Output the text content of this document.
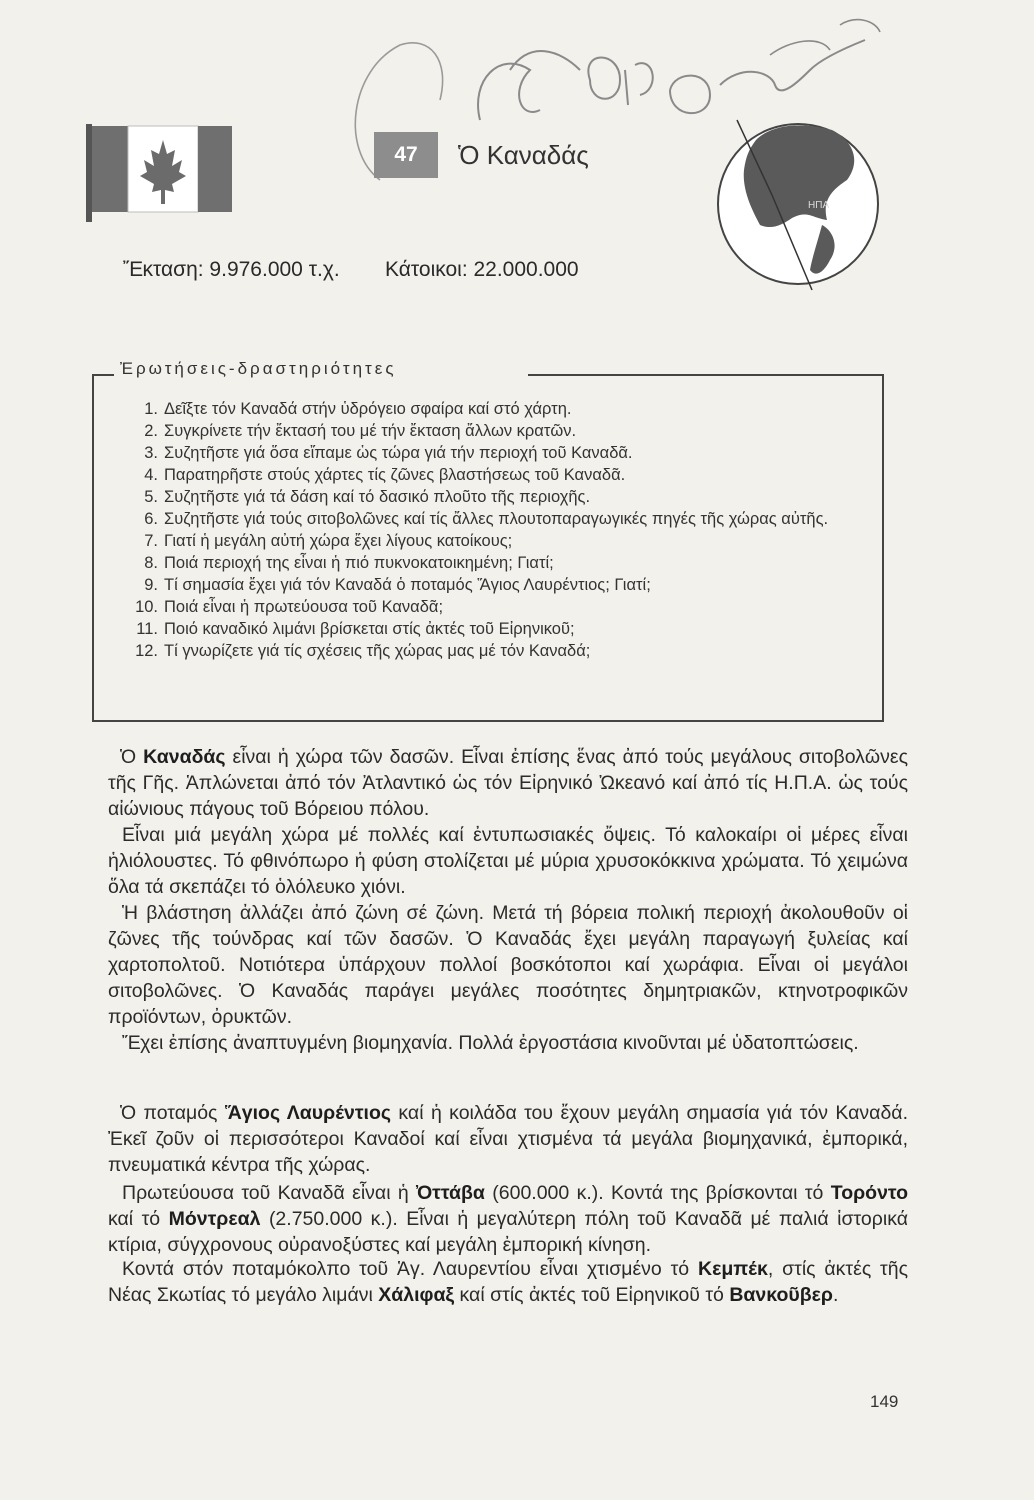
47	Ὁ Καναδάς
ΗΠΑ
Ἔκταση: 9.976.000 τ.χ. Κάτοικοι: 22.000.000
Ἐρωτήσεις-δραστηριότητες
1. Δεῖξτε τόν Καναδά στήν ὑδρόγειο σφαίρα καί στό χάρτη.
2. Συγκρίνετε τήν ἔκτασή του μέ τήν ἔκταση ἄλλων κρατῶν.
3. Συζητῆστε γιά ὅσα εἴπαμε ὡς τώρα γιά τήν περιοχή τοῦ Καναδᾶ.
4. Παρατηρῆστε στούς χάρτες τίς ζῶνες βλαστήσεως τοῦ Καναδᾶ.
5. Συζητῆστε γιά τά δάση καί τό δασικό πλοῦτο τῆς περιοχῆς.
6. Συζητῆστε γιά τούς σιτοβολῶνες καί τίς ἄλλες πλουτοπαραγωγικές πηγές τῆς χώρας αὐτῆς.
7. Γιατί ἡ μεγάλη αὐτή χώρα ἔχει λίγους κατοίκους;
8. Ποιά περιοχή της εἶναι ἡ πιό πυκνοκατοικημένη; Γιατί;
9. Τί σημασία ἔχει γιά τόν Καναδά ὁ ποταμός Ἅγιος Λαυρέντιος; Γιατί;
10. Ποιά εἶναι ἡ πρωτεύουσα τοῦ Καναδᾶ;
11. Ποιό καναδικό λιμάνι βρίσκεται στίς ἀκτές τοῦ Εἰρηνικοῦ;
12. Τί γνωρίζετε γιά τίς σχέσεις τῆς χώρας μας μέ τόν Καναδά;

Ὁ Καναδάς εἶναι ἡ χώρα τῶν δασῶν. Εἶναι ἐπίσης ἕνας ἀπό τούς μεγάλους σιτοβολῶνες τῆς Γῆς. Ἁπλώνεται ἀπό τόν Ἀτλαντικό ὡς τόν Εἰρηνικό Ὠκεανό καί ἀπό τίς Η.Π.Α. ὡς τούς αἰώνιους πάγους τοῦ Βόρειου πόλου.

Εἶναι μιά μεγάλη χώρα μέ πολλές καί ἐντυπωσιακές ὄψεις. Τό καλοκαίρι οἱ μέρες εἶναι ἡλιόλουστες. Τό φθινόπωρο ἡ φύση στολίζεται μέ μύρια χρυσοκόκκινα χρώματα. Τό χειμώνα ὅλα τά σκεπάζει τό ὁλόλευκο χιόνι.

Ἡ βλάστηση ἀλλάζει ἀπό ζώνη σέ ζώνη. Μετά τή βόρεια πολική περιοχή ἀκολουθοῦν οἱ ζῶνες τῆς τούνδρας καί τῶν δασῶν. Ὁ Καναδάς ἔχει μεγάλη παραγωγή ξυλείας καί χαρτοπολτοῦ. Νοτιότερα ὑπάρχουν πολλοί βοσκότοποι καί χωράφια. Εἶναι οἱ μεγάλοι σιτοβολῶνες. Ὁ Καναδάς παράγει μεγάλες ποσότητες δημητριακῶν, κτηνοτροφικῶν προϊόντων, ὀρυκτῶν.

Ἔχει ἐπίσης ἀναπτυγμένη βιομηχανία. Πολλά ἐργοστάσια κινοῦνται μέ ὑδατοπτώσεις.

Ὁ ποταμός Ἅγιος Λαυρέντιος καί ἡ κοιλάδα του ἔχουν μεγάλη σημασία γιά τόν Καναδά. Ἐκεῖ ζοῦν οἱ περισσότεροι Καναδοί καί εἶναι χτισμένα τά μεγάλα βιομηχανικά, ἐμπορικά, πνευματικά κέντρα τῆς χώρας.

Πρωτεύουσα τοῦ Καναδᾶ εἶναι ἡ Ὀττάβα (600.000 κ.). Κοντά της βρίσκονται τό Τορόντο καί τό Μόντρεαλ (2.750.000 κ.). Εἶναι ἡ μεγαλύτερη πόλη τοῦ Καναδᾶ μέ παλιά ἱστορικά κτίρια, σύγχρονους οὐρανοξύστες καί μεγάλη ἐμπορική κίνηση.

Κοντά στόν ποταμόκολπο τοῦ Ἁγ. Λαυρεντίου εἶναι χτισμένο τό Κεμπέκ, στίς ἀκτές τῆς Νέας Σκωτίας τό μεγάλο λιμάνι Χάλιφαξ καί στίς ἀκτές τοῦ Εἰρηνικοῦ τό Βανκοῦβερ.

149
